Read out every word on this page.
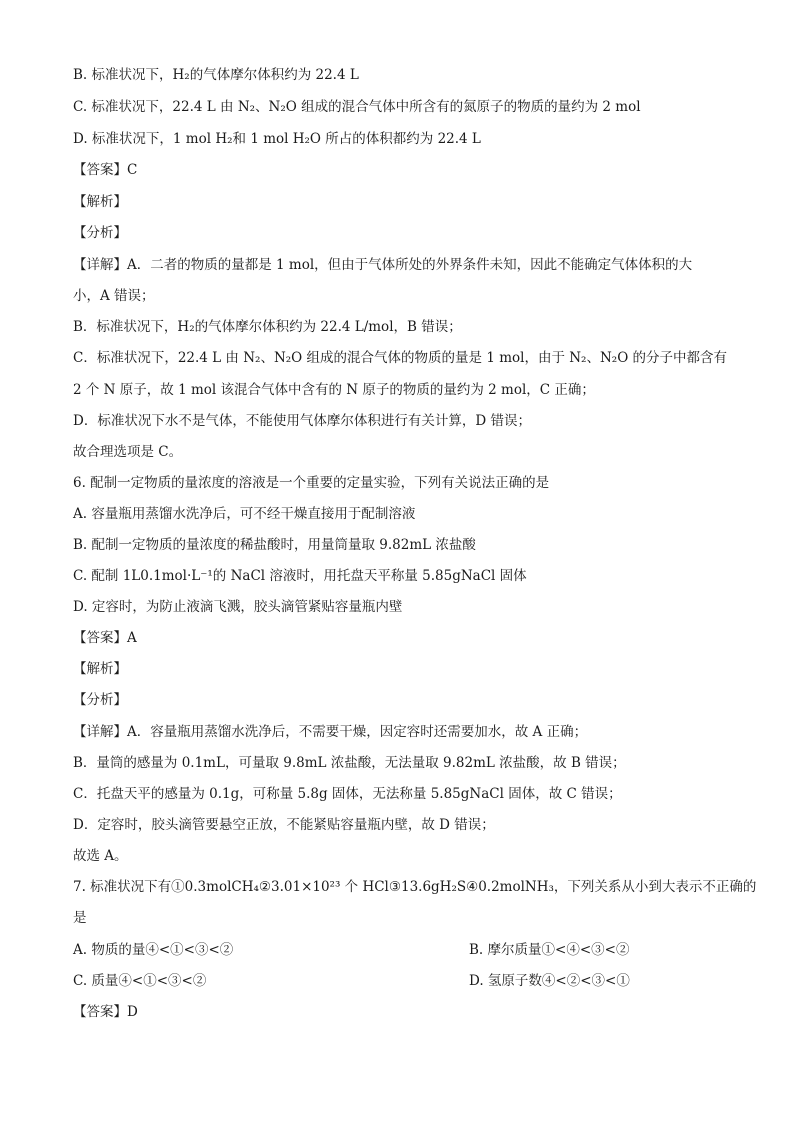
B. 标准状况下，H₂的气体摩尔体积约为 22.4 L
C. 标准状况下，22.4 L 由 N₂、N₂O 组成的混合气体中所含有的氮原子的物质的量约为 2 mol
D. 标准状况下，1 mol H₂和 1 mol H₂O 所占的体积都约为 22.4 L
【答案】C
【解析】
【分析】
【详解】A．二者的物质的量都是 1 mol，但由于气体所处的外界条件未知，因此不能确定气体体积的大
小，A 错误；
B．标准状况下，H₂的气体摩尔体积约为 22.4 L/mol，B 错误；
C．标准状况下，22.4 L 由 N₂、N₂O 组成的混合气体的物质的量是 1 mol，由于 N₂、N₂O 的分子中都含有
2 个 N 原子，故 1 mol 该混合气体中含有的 N 原子的物质的量约为 2 mol，C 正确；
D．标准状况下水不是气体，不能使用气体摩尔体积进行有关计算，D 错误；
故合理选项是 C。
6. 配制一定物质的量浓度的溶液是一个重要的定量实验，下列有关说法正确的是
A. 容量瓶用蒸馏水洗净后，可不经干燥直接用于配制溶液
B. 配制一定物质的量浓度的稀盐酸时，用量筒量取 9.82mL 浓盐酸
C. 配制 1L0.1mol·L⁻¹的 NaCl 溶液时，用托盘天平称量 5.85gNaCl 固体
D. 定容时，为防止液滴飞溅，胶头滴管紧贴容量瓶内壁
【答案】A
【解析】
【分析】
【详解】A．容量瓶用蒸馏水洗净后，不需要干燥，因定容时还需要加水，故 A 正确；
B．量筒的感量为 0.1mL，可量取 9.8mL 浓盐酸，无法量取 9.82mL 浓盐酸，故 B 错误；
C．托盘天平的感量为 0.1g，可称量 5.8g 固体，无法称量 5.85gNaCl 固体，故 C 错误；
D．定容时，胶头滴管要悬空正放，不能紧贴容量瓶内壁，故 D 错误；
故选 A。
7. 标准状况下有①0.3molCH₄②3.01×10²³ 个 HCl③13.6gH₂S④0.2molNH₃，下列关系从小到大表示不正确的
是
A. 物质的量④<①<③<②	B. 摩尔质量①<④<③<②
C. 质量④<①<③<②	D. 氢原子数④<②<③<①
【答案】D
